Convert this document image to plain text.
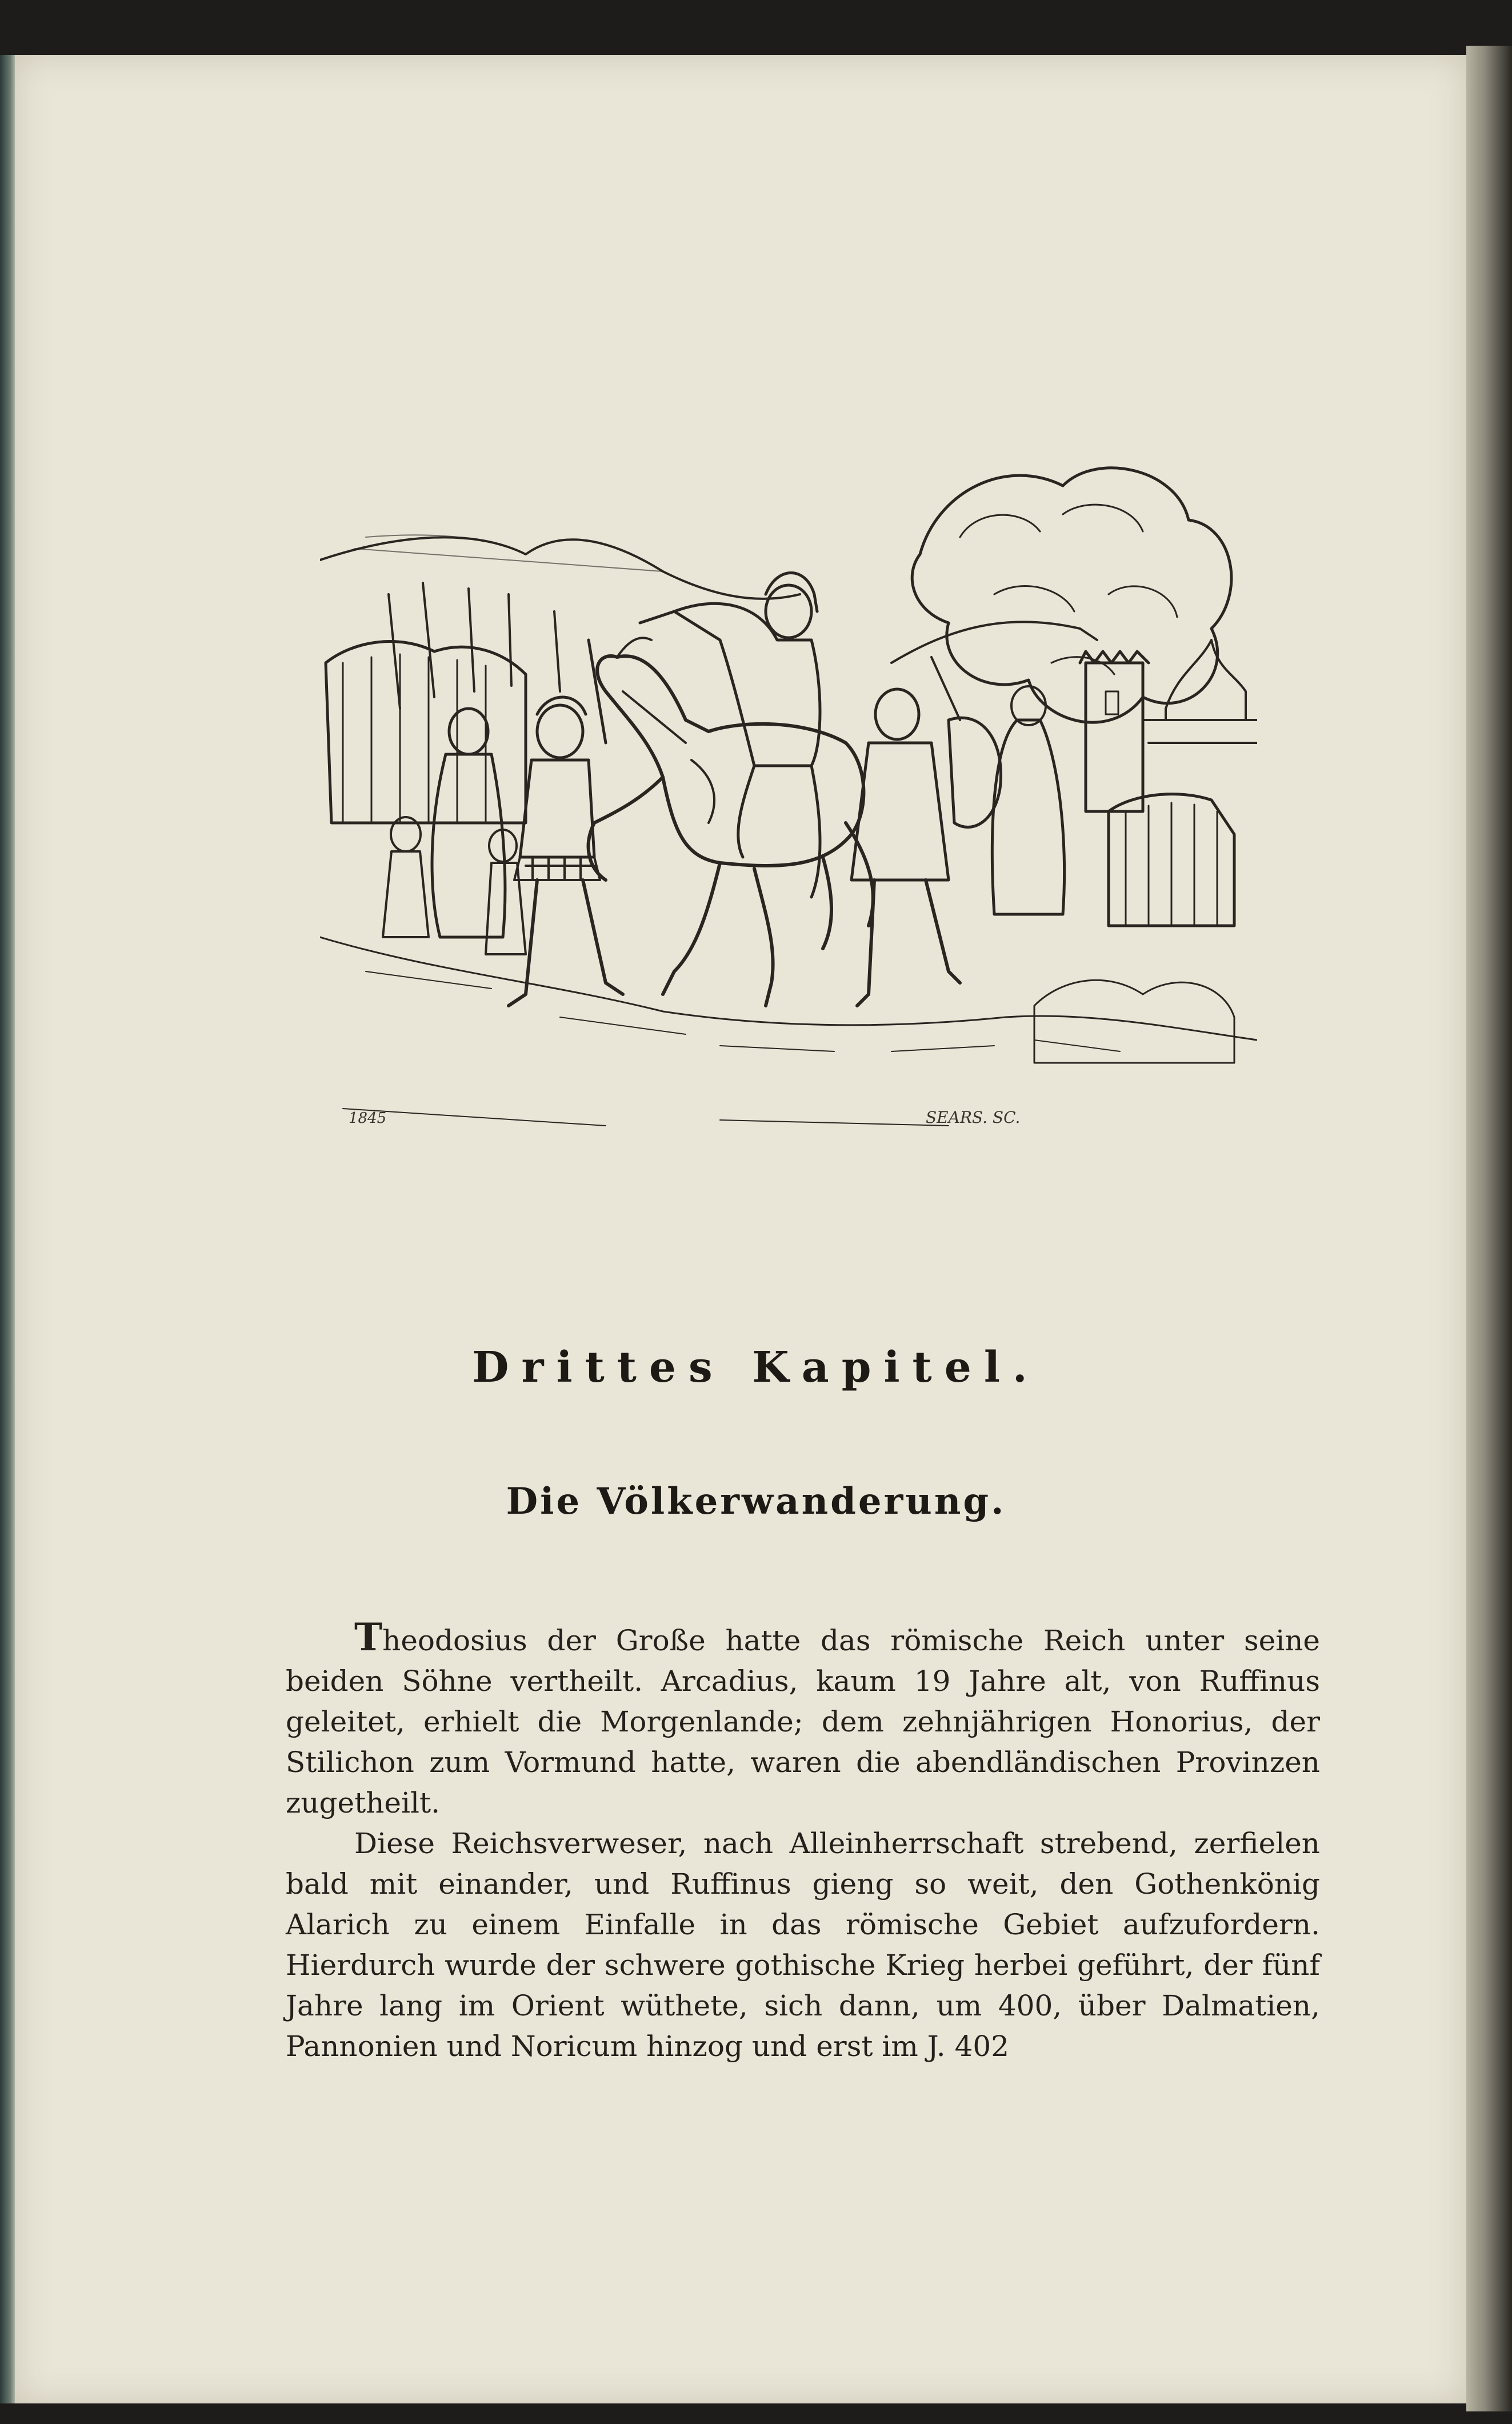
1845	SEARS. SC.
Drittes Kapitel.
Die Völkerwanderung.

Theodosius der Große hatte das römische Reich unter seine beiden Söhne vertheilt. Arcadius, kaum 19 Jahre alt, von Ruffinus geleitet, erhielt die Morgenlande; dem zehnjährigen Honorius, der Stilichon zum Vormund hatte, waren die abendländischen Provinzen zugetheilt.

Diese Reichsverweser, nach Alleinherrschaft strebend, zerfielen bald mit einander, und Ruffinus gieng so weit, den Gothenkönig Alarich zu einem Einfalle in das römische Gebiet aufzufordern. Hierdurch wurde der schwere gothische Krieg herbei geführt, der fünf Jahre lang im Orient wüthete, sich dann, um 400, über Dalmatien, Pannonien und Noricum hinzog und erst im J. 402
